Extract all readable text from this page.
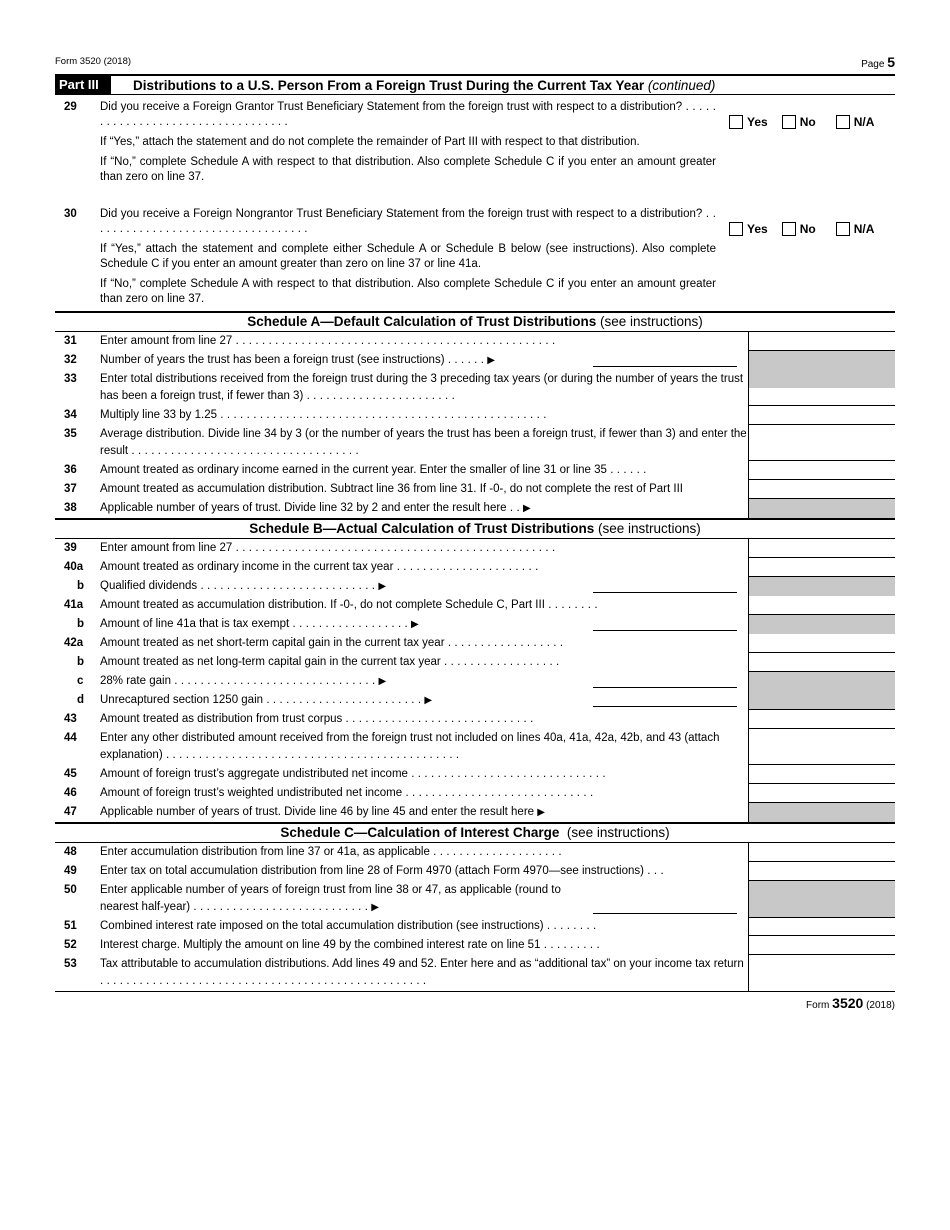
Form 3520 (2018)	Page 5
Part III	Distributions to a U.S. Person From a Foreign Trust During the Current Tax Year (continued)
29 Did you receive a Foreign Grantor Trust Beneficiary Statement from the foreign trust with respect to a distribution? . . . . . . . . . . . . . . . . . . . . . . . . . . . . . . . . . .

If “Yes,” attach the statement and do not complete the remainder of Part III with respect to that distribution.

If “No,” complete Schedule A with respect to that distribution. Also complete Schedule C if you enter an amount greater than zero on line 37.

Yes	No	N/A
30 Did you receive a Foreign Nongrantor Trust Beneficiary Statement from the foreign trust with respect to a distribution? . . . . . . . . . . . . . . . . . . . . . . . . . . . . . . . . . .

If “Yes,” attach the statement and complete either Schedule A or Schedule B below (see instructions). Also complete Schedule C if you enter an amount greater than zero on line 37 or line 41a.

If “No,” complete Schedule A with respect to that distribution. Also complete Schedule C if you enter an amount greater than zero on line 37.

Yes	No	N/A
Schedule A—Default Calculation of Trust Distributions (see instructions)
31	Enter amount from line 27 . . . . . . . . . . . . . . . . . . . . . . . . . . . . . . . . . . . . . . . . . . . . . . . . .
32	Number of years the trust has been a foreign trust (see instructions) . . . . . . ▶
33	Enter total distributions received from the foreign trust during the 3 preceding tax years (or during the number of years the trust has been a foreign trust, if fewer than 3) . . . . . . . . . . . . . . . . . . . . . . .
34	Multiply line 33 by 1.25 . . . . . . . . . . . . . . . . . . . . . . . . . . . . . . . . . . . . . . . . . . . . . . . . . .
35	Average distribution. Divide line 34 by 3 (or the number of years the trust has been a foreign trust, if fewer than 3) and enter the result . . . . . . . . . . . . . . . . . . . . . . . . . . . . . . . . . . .
36	Amount treated as ordinary income earned in the current year. Enter the smaller of line 31 or line 35 . . . . . .
37	Amount treated as accumulation distribution. Subtract line 36 from line 31. If -0-, do not complete the rest of Part III
38	Applicable number of years of trust. Divide line 32 by 2 and enter the result here . . ▶
Schedule B—Actual Calculation of Trust Distributions (see instructions)
39	Enter amount from line 27 . . . . . . . . . . . . . . . . . . . . . . . . . . . . . . . . . . . . . . . . . . . . . . . . .
40a	Amount treated as ordinary income in the current tax year . . . . . . . . . . . . . . . . . . . . . .
b	Qualified dividends . . . . . . . . . . . . . . . . . . . . . . . . . . . ▶
41a	Amount treated as accumulation distribution. If -0-, do not complete Schedule C, Part III . . . . . . . .
b	Amount of line 41a that is tax exempt . . . . . . . . . . . . . . . . . . ▶
42a	Amount treated as net short-term capital gain in the current tax year . . . . . . . . . . . . . . . . . .
b	Amount treated as net long-term capital gain in the current tax year . . . . . . . . . . . . . . . . . .
c	28% rate gain . . . . . . . . . . . . . . . . . . . . . . . . . . . . . . . ▶
d	Unrecaptured section 1250 gain . . . . . . . . . . . . . . . . . . . . . . . . ▶
43	Amount treated as distribution from trust corpus . . . . . . . . . . . . . . . . . . . . . . . . . . . . .
44	Enter any other distributed amount received from the foreign trust not included on lines 40a, 41a, 42a, 42b, and 43 (attach explanation) . . . . . . . . . . . . . . . . . . . . . . . . . . . . . . . . . . . . . . . . . . . . .
45	Amount of foreign trust’s aggregate undistributed net income . . . . . . . . . . . . . . . . . . . . . . . . . . . . . .
46	Amount of foreign trust’s weighted undistributed net income . . . . . . . . . . . . . . . . . . . . . . . . . . . . .
47	Applicable number of years of trust. Divide line 46 by line 45 and enter the result here ▶
Schedule C—Calculation of Interest Charge (see instructions)
48	Enter accumulation distribution from line 37 or 41a, as applicable . . . . . . . . . . . . . . . . . . . .
49	Enter tax on total accumulation distribution from line 28 of Form 4970 (attach Form 4970—see instructions) . . .
50	Enter applicable number of years of foreign trust from line 38 or 47, as applicable (round to nearest half-year) . . . . . . . . . . . . . . . . . . . . . . . . . . . ▶
51	Combined interest rate imposed on the total accumulation distribution (see instructions) . . . . . . . .
52	Interest charge. Multiply the amount on line 49 by the combined interest rate on line 51 . . . . . . . . .
53	Tax attributable to accumulation distributions. Add lines 49 and 52. Enter here and as “additional tax” on your income tax return . . . . . . . . . . . . . . . . . . . . . . . . . . . . . . . . . . . . . . . . . . . . . . . . . .
Form 3520 (2018)
